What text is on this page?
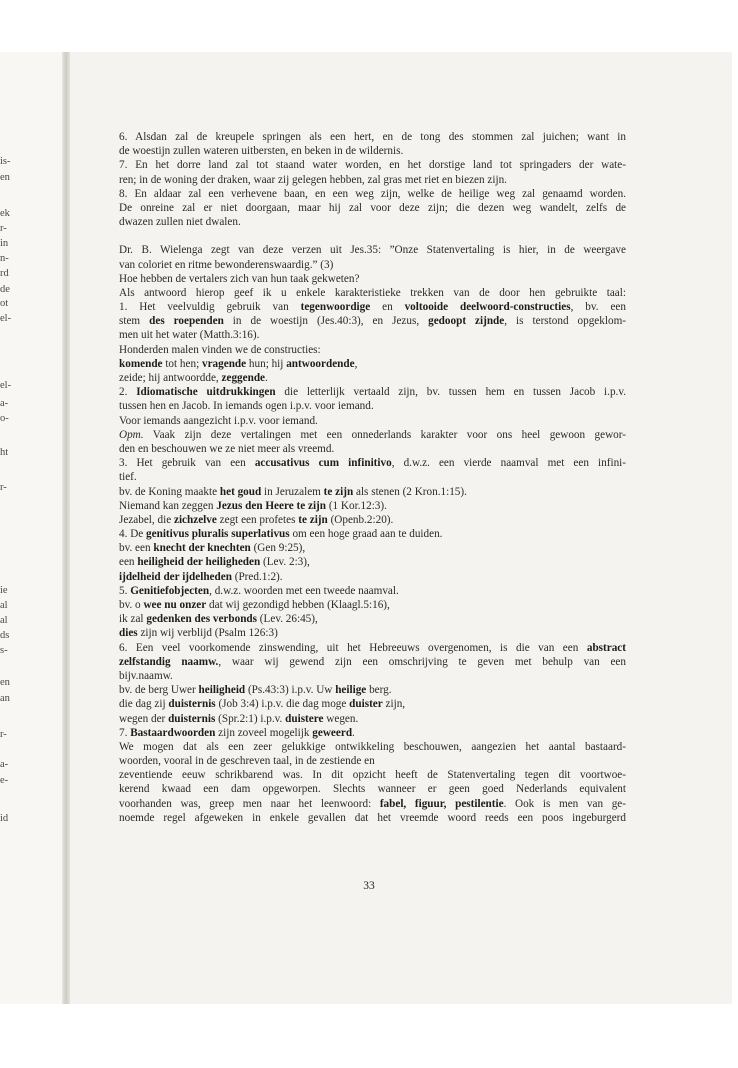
is-
en
ek
r-
in
n-
rd
de
ot
el-
el-
a-
o-
ht
r-
ie
al
al
ds
s-
en
an
r-
a-
e-
id
6. Alsdan zal de kreupele springen als een hert, en de tong des stommen zal juichen; want in
de woestijn zullen wateren uitbersten, en beken in de wildernis.
7. En het dorre land zal tot staand water worden, en het dorstige land tot springaders der wate-
ren; in de woning der draken, waar zij gelegen hebben, zal gras met riet en biezen zijn.
8. En aldaar zal een verhevene baan, en een weg zijn, welke de heilige weg zal genaamd worden.
De onreine zal er niet doorgaan, maar hij zal voor deze zijn; die dezen weg wandelt, zelfs de
dwazen zullen niet dwalen.
Dr. B. Wielenga zegt van deze verzen uit Jes.35: ”Onze Statenvertaling is hier, in de weergave
van coloriet en ritme bewonderenswaardig.” (3)
Hoe hebben de vertalers zich van hun taak gekweten?
Als antwoord hierop geef ik u enkele karakteristieke trekken van de door hen gebruikte taal:
1. Het veelvuldig gebruik van tegenwoordige en voltooide deelwoord-constructies, bv. een
stem des roependen in de woestijn (Jes.40:3), en Jezus, gedoopt zijnde, is terstond opgeklom-
men uit het water (Matth.3:16).
Honderden malen vinden we de constructies:
komende tot hen; vragende hun; hij antwoordende,
zeide; hij antwoordde, zeggende.
2. Idiomatische uitdrukkingen die letterlijk vertaald zijn, bv. tussen hem en tussen Jacob i.p.v.
tussen hen en Jacob. In iemands ogen i.p.v. voor iemand.
Voor iemands aangezicht i.p.v. voor iemand.
Opm. Vaak zijn deze vertalingen met een onnederlands karakter voor ons heel gewoon gewor-
den en beschouwen we ze niet meer als vreemd.
3. Het gebruik van een accusativus cum infinitivo, d.w.z. een vierde naamval met een infini-
tief.
bv. de Koning maakte het goud in Jeruzalem te zijn als stenen (2 Kron.1:15).
Niemand kan zeggen Jezus den Heere te zijn (1 Kor.12:3).
Jezabel, die zichzelve zegt een profetes te zijn (Openb.2:20).
4. De genitivus pluralis superlativus om een hoge graad aan te duiden.
bv. een knecht der knechten (Gen 9:25),
een heiligheid der heiligheden (Lev. 2:3),
ijdelheid der ijdelheden (Pred.1:2).
5. Genitiefobjecten, d.w.z. woorden met een tweede naamval.
bv. o wee nu onzer dat wij gezondigd hebben (Klaagl.5:16),
ik zal gedenken des verbonds (Lev. 26:45),
dies zijn wij verblijd (Psalm 126:3)
6. Een veel voorkomende zinswending, uit het Hebreeuws overgenomen, is die van een abstract
zelfstandig naamw., waar wij gewend zijn een omschrijving te geven met behulp van een
bijv.naamw.
bv. de berg Uwer heiligheid (Ps.43:3) i.p.v. Uw heilige berg.
die dag zij duisternis (Job 3:4) i.p.v. die dag moge duister zijn,
wegen der duisternis (Spr.2:1) i.p.v. duistere wegen.
7. Bastaardwoorden zijn zoveel mogelijk geweerd.
We mogen dat als een zeer gelukkige ontwikkeling beschouwen, aangezien het aantal bastaard-
woorden, vooral in de geschreven taal, in de zestiende en
zeventiende eeuw schrikbarend was. In dit opzicht heeft de Statenvertaling tegen dit voortwoe-
kerend kwaad een dam opgeworpen. Slechts wanneer er geen goed Nederlands equivalent
voorhanden was, greep men naar het leenwoord: fabel, figuur, pestilentie. Ook is men van ge-
noemde regel afgeweken in enkele gevallen dat het vreemde woord reeds een poos ingeburgerd
33
